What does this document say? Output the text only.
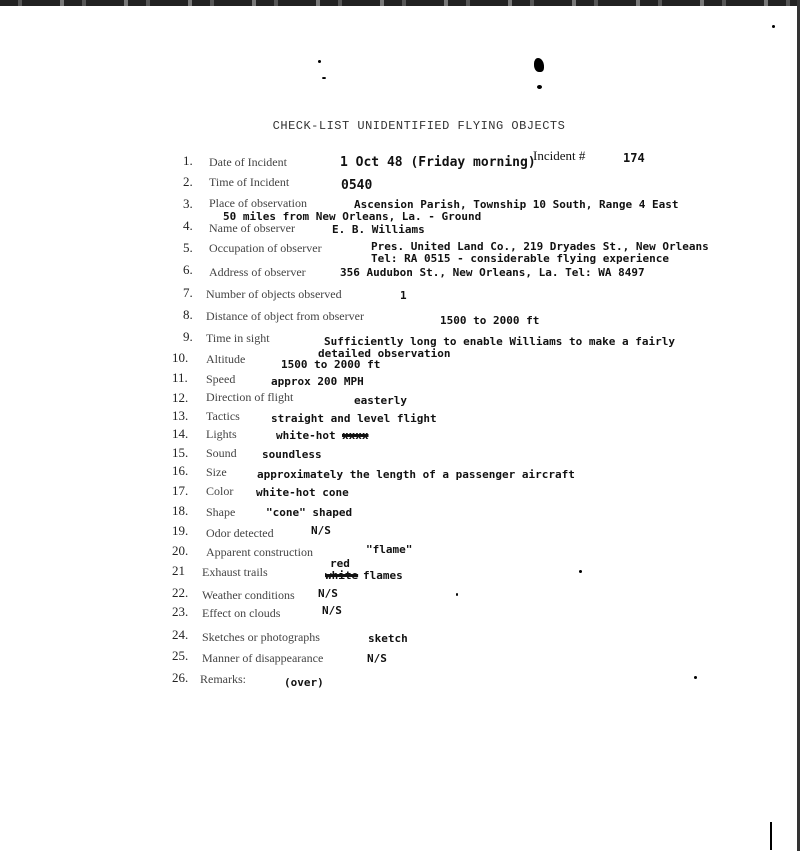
CHECK-LIST UNIDENTIFIED FLYING OBJECTS
Incident #	174
1. Date of Incident	1 Oct 48 (Friday morning)
2. Time of Incident	0540
3. Place of observation	Ascension Parish, Township 10 South, Range 4 East
50 miles from New Orleans, La. - Ground
4. Name of observer	E. B. Williams
5. Occupation of observer	Pres. United Land Co., 219 Dryades St., New Orleans
Tel: RA 0515 - considerable flying experience
6. Address of observer	356 Audubon St., New Orleans, La. Tel: WA 8497
7. Number of objects observed	1
8. Distance of object from observer	1500 to 2000 ft
9. Time in sight	Sufficiently long to enable Williams to make a fairly
detailed observation
10. Altitude	1500 to 2000 ft
11. Speed	approx 200 MPH
12. Direction of flight	easterly
13. Tactics	straight and level flight
14. Lights	white-hot xxxx
15. Sound soundless
16. Size	approximately the length of a passenger aircraft
17. Color white-hot cone
18. Shape	"cone" shaped
19. Odor detected	N/S
20. Apparent construction	"flame"
21 Exhaust trails
red
white flames
22. Weather conditions N/S
23. Effect on clouds	N/S
24. Sketches or photographs	sketch
25. Manner of disappearance	N/S
26. Remarks:	(over)
